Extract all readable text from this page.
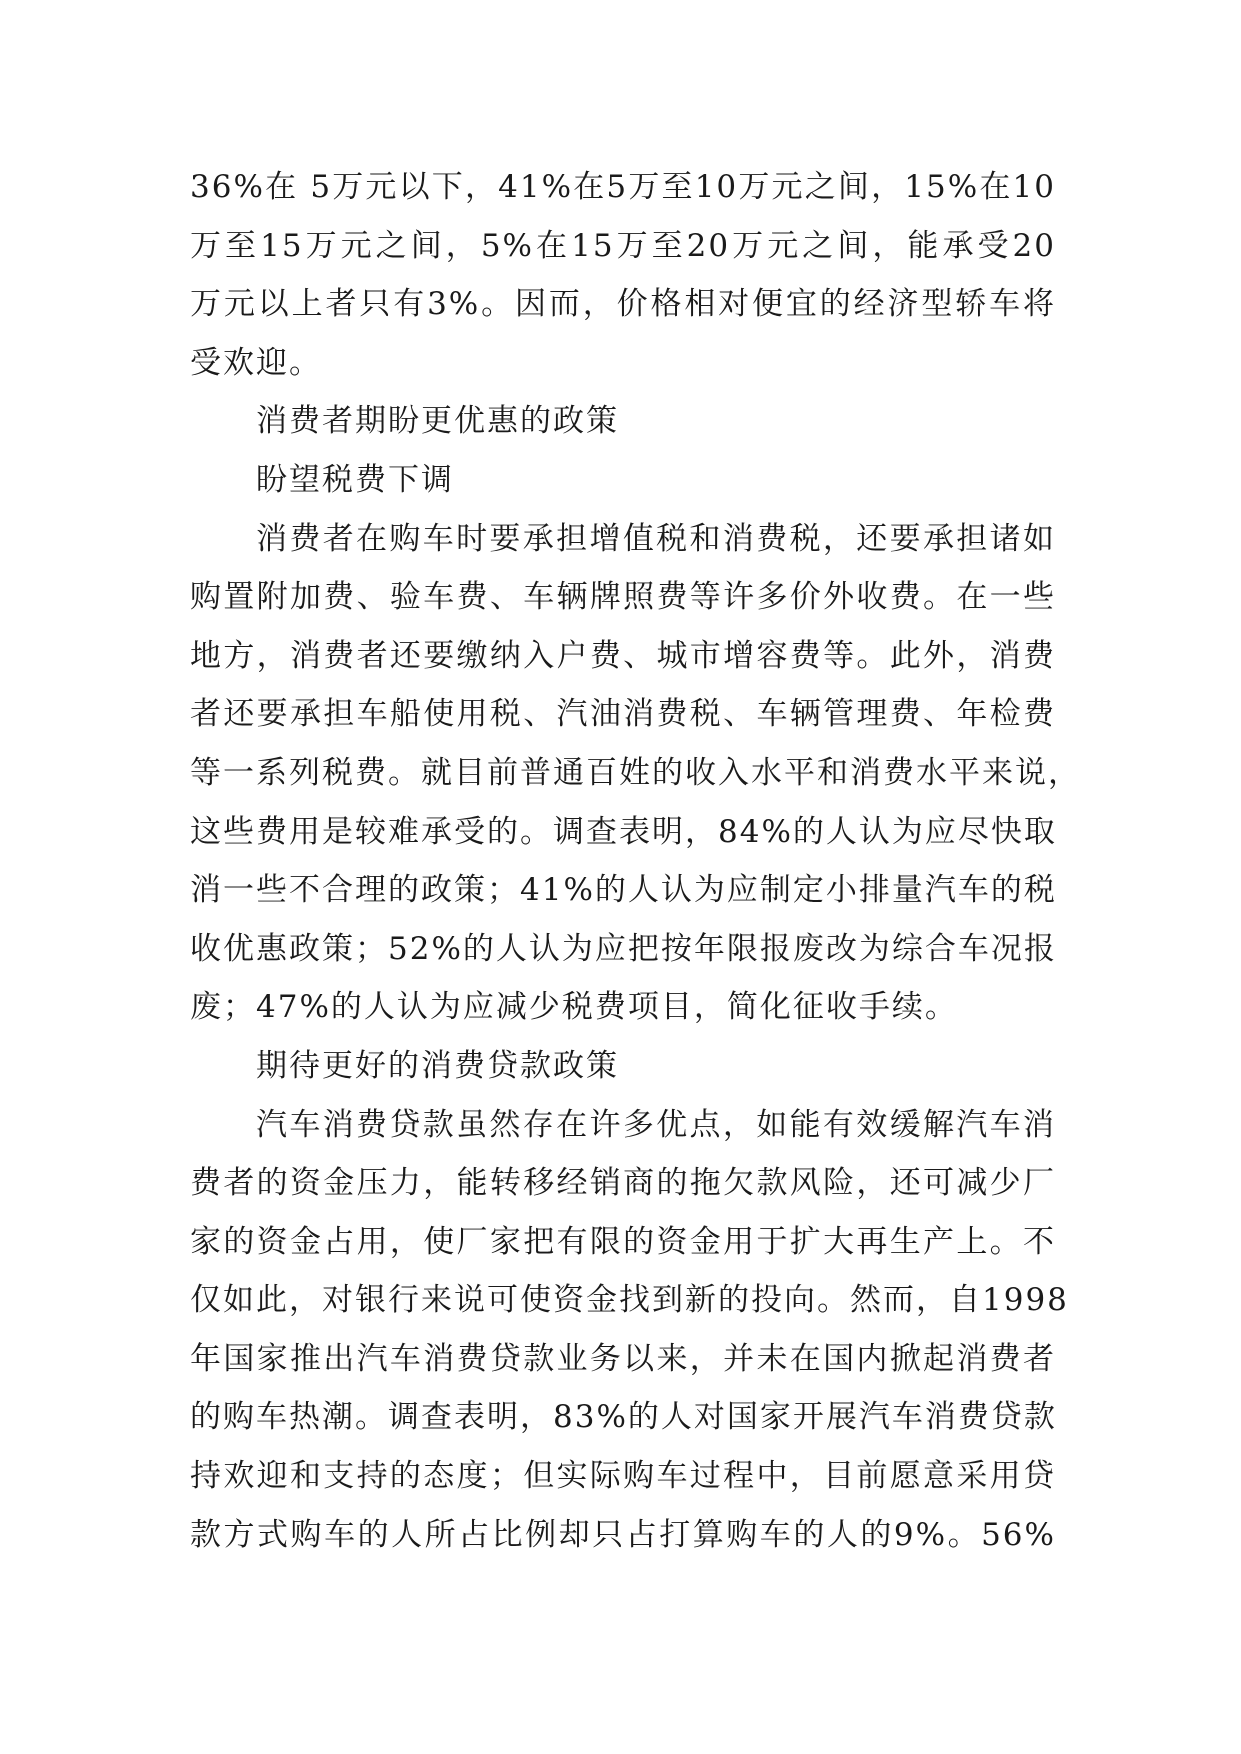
36%在 5万元以下，41%在5万至10万元之间，15%在10
万至15万元之间，5%在15万至20万元之间，能承受20
万元以上者只有3%。因而，价格相对便宜的经济型轿车将
受欢迎。
消费者期盼更优惠的政策
盼望税费下调
消费者在购车时要承担增值税和消费税，还要承担诸如
购置附加费、验车费、车辆牌照费等许多价外收费。在一些
地方，消费者还要缴纳入户费、城市增容费等。此外，消费
者还要承担车船使用税、汽油消费税、车辆管理费、年检费
等一系列税费。就目前普通百姓的收入水平和消费水平来说，
这些费用是较难承受的。调查表明，84%的人认为应尽快取
消一些不合理的政策；41%的人认为应制定小排量汽车的税
收优惠政策；52%的人认为应把按年限报废改为综合车况报
废；47%的人认为应减少税费项目，简化征收手续。
期待更好的消费贷款政策
汽车消费贷款虽然存在许多优点，如能有效缓解汽车消
费者的资金压力，能转移经销商的拖欠款风险，还可减少厂
家的资金占用，使厂家把有限的资金用于扩大再生产上。不
仅如此，对银行来说可使资金找到新的投向。然而，自1998
年国家推出汽车消费贷款业务以来，并未在国内掀起消费者
的购车热潮。调查表明，83%的人对国家开展汽车消费贷款
持欢迎和支持的态度；但实际购车过程中，目前愿意采用贷
款方式购车的人所占比例却只占打算购车的人的9%。56%
